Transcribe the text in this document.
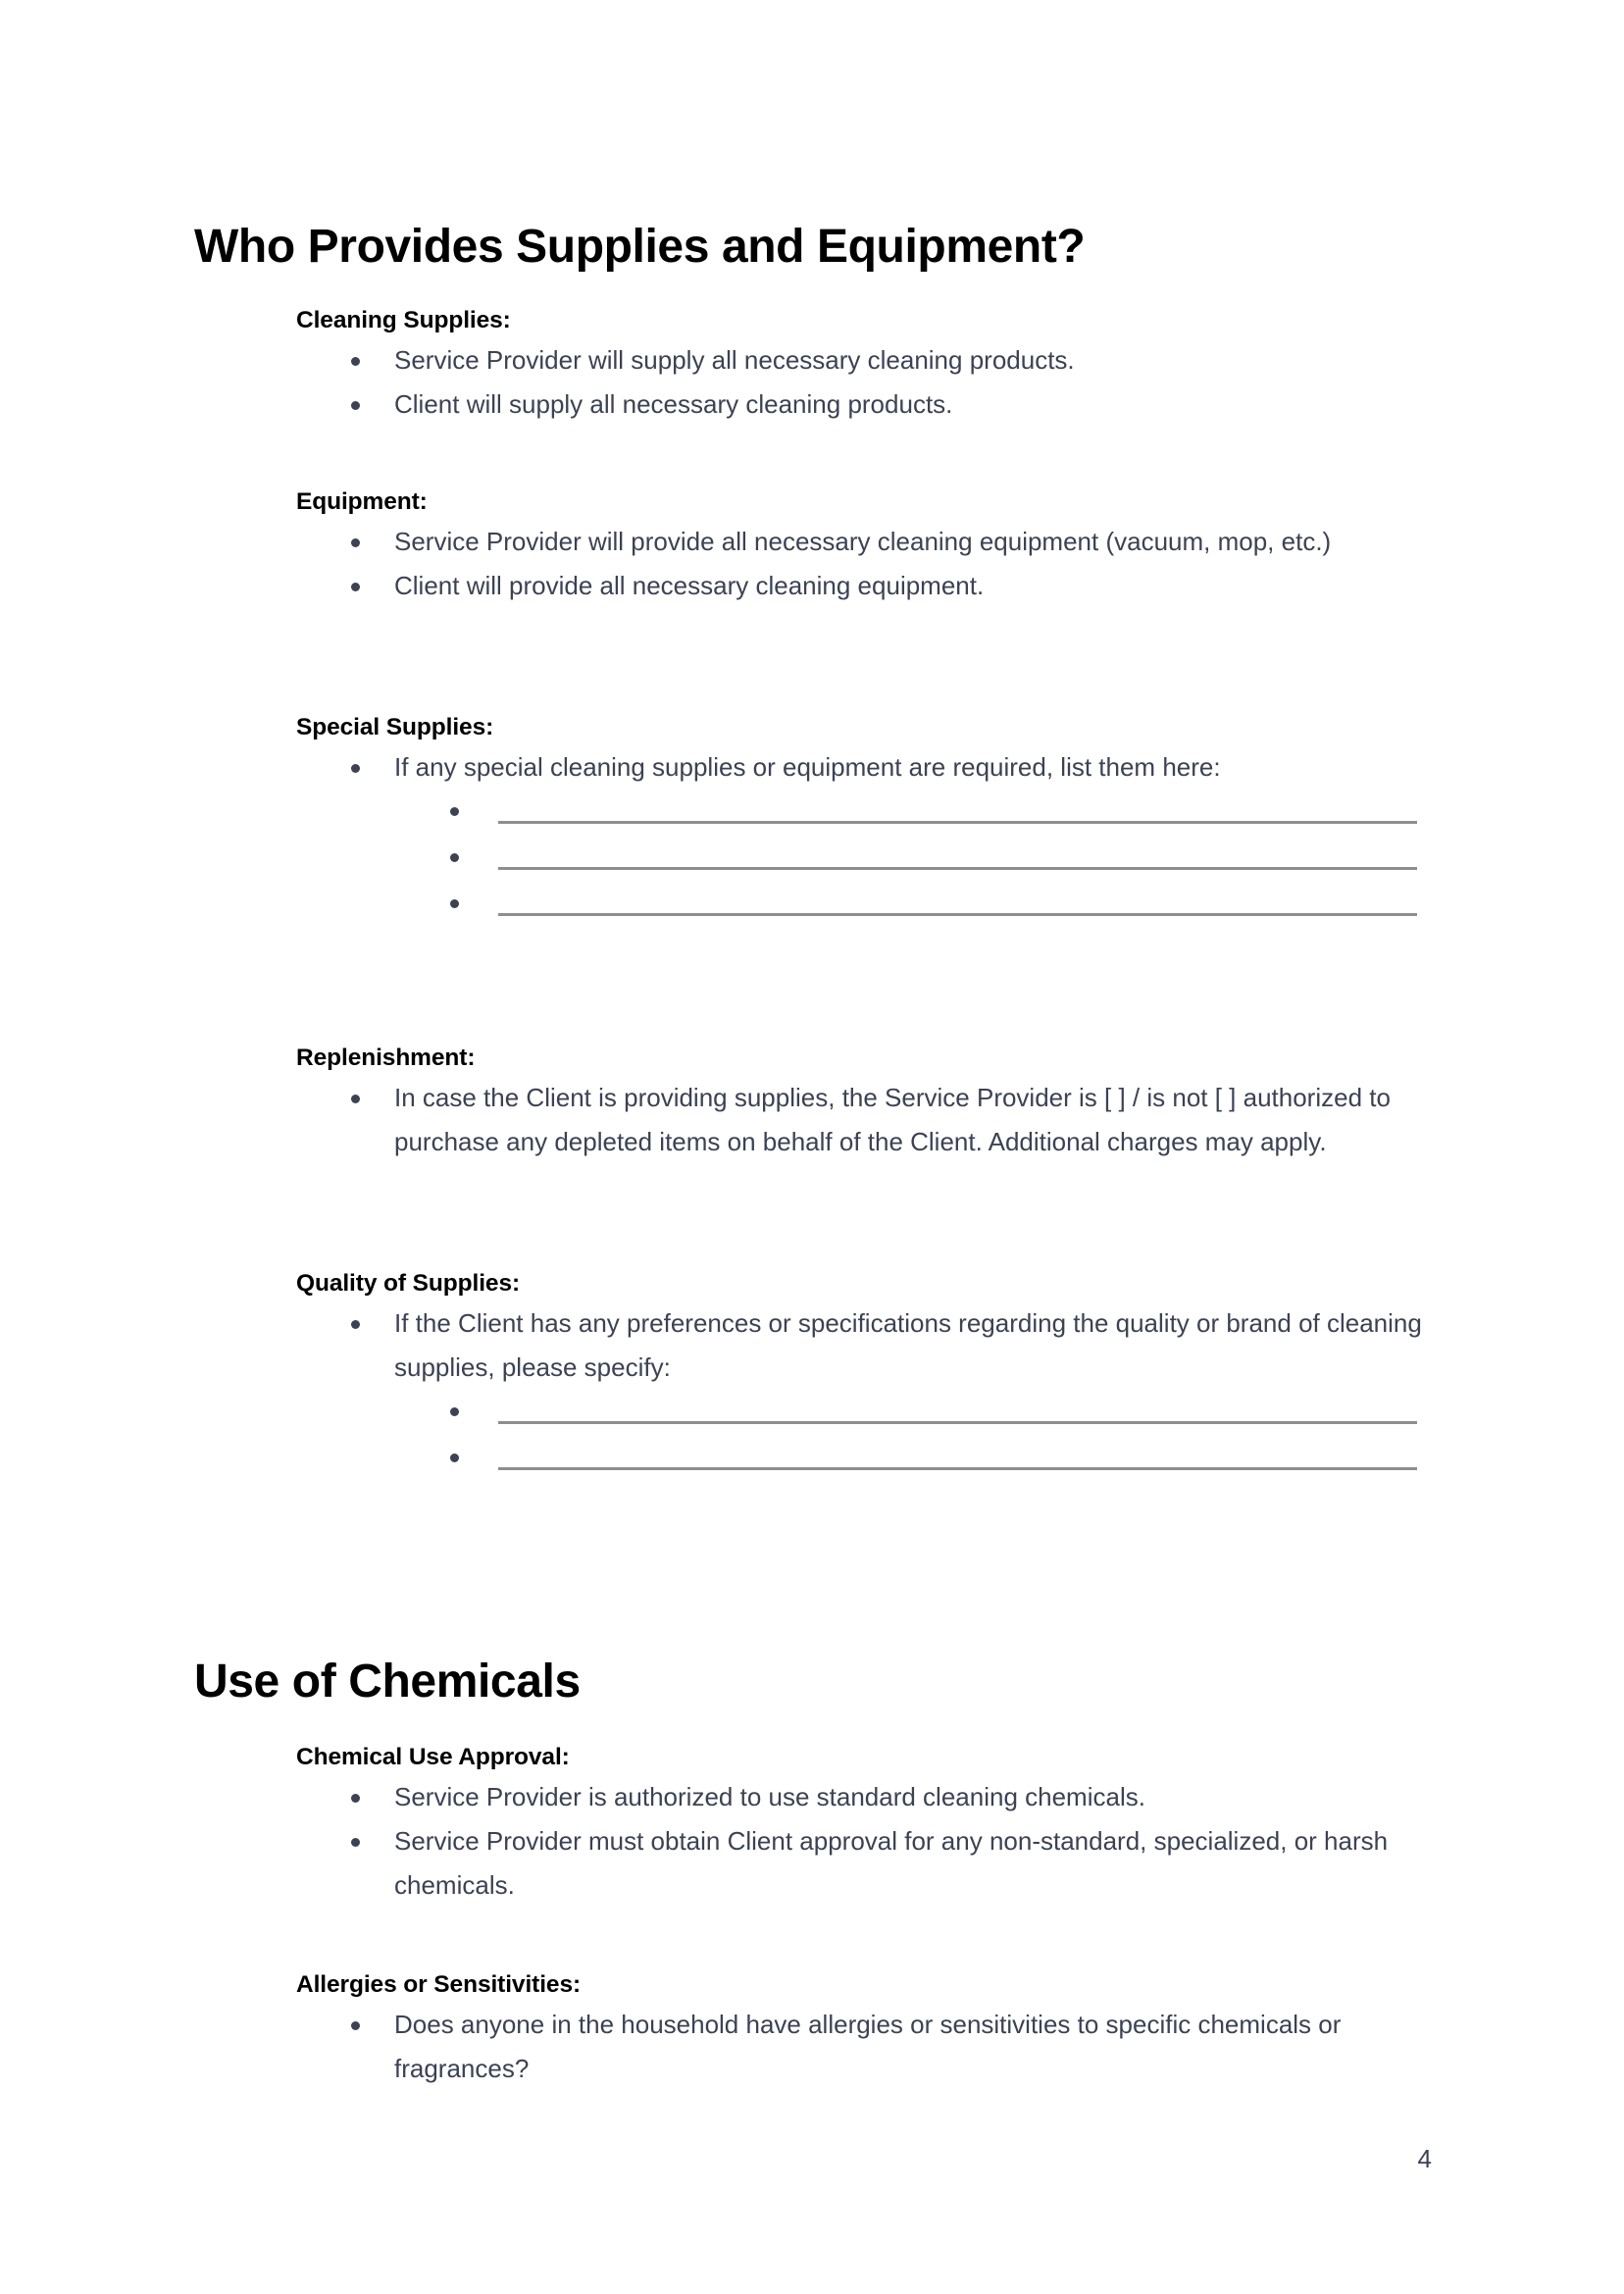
Who Provides Supplies and Equipment?
Cleaning Supplies:
Service Provider will supply all necessary cleaning products.
Client will supply all necessary cleaning products.
Equipment:
Service Provider will provide all necessary cleaning equipment (vacuum, mop, etc.)
Client will provide all necessary cleaning equipment.
Special Supplies:
If any special cleaning supplies or equipment are required, list them here:
Replenishment:
In case the Client is providing supplies, the Service Provider is [ ] / is not [ ] authorized to purchase any depleted items on behalf of the Client. Additional charges may apply.
Quality of Supplies:
If the Client has any preferences or specifications regarding the quality or brand of cleaning supplies, please specify:
Use of Chemicals
Chemical Use Approval:
Service Provider is authorized to use standard cleaning chemicals.
Service Provider must obtain Client approval for any non-standard, specialized, or harsh chemicals.
Allergies or Sensitivities:
Does anyone in the household have allergies or sensitivities to specific chemicals or fragrances?
4
